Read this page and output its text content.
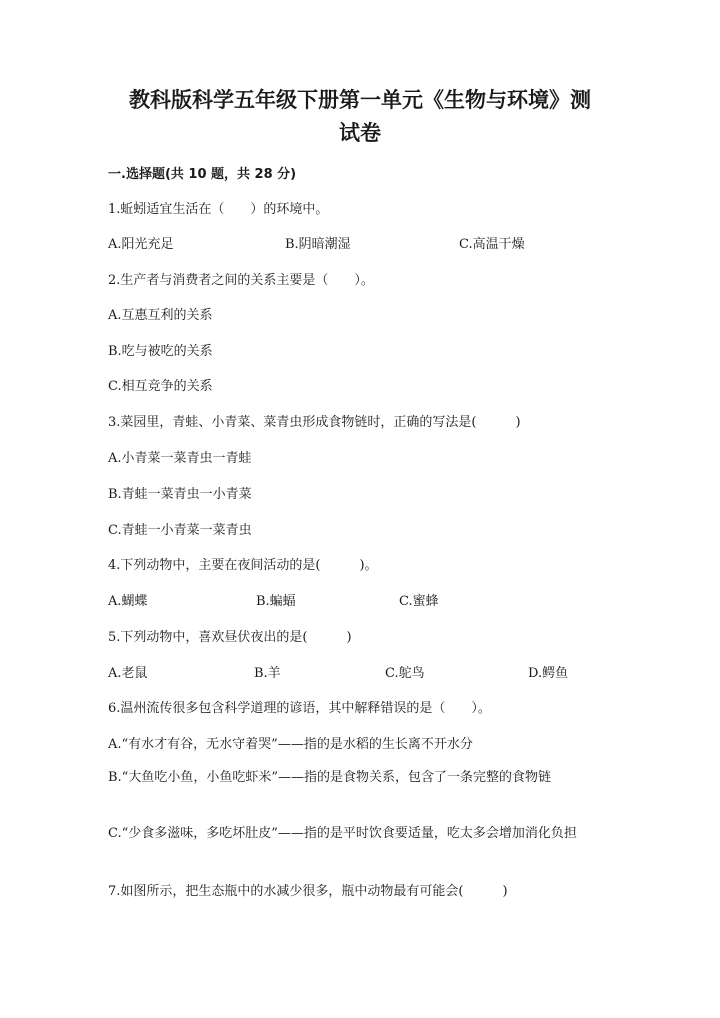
教科版科学五年级下册第一单元《生物与环境》测
试卷
一.选择题(共 10 题，共 28 分)
1.蚯蚓适宜生活在（　　）的环境中。
A.阳光充足	B.阴暗潮湿	C.高温干燥
2.生产者与消费者之间的关系主要是（　　）。
A.互惠互利的关系
B.吃与被吃的关系
C.相互竞争的关系
3.菜园里，青蛙、小青菜、菜青虫形成食物链时，正确的写法是(　　　)
A.小青菜一菜青虫一青蛙
B.青蛙一菜青虫一小青菜
C.青蛙一小青菜一菜青虫
4.下列动物中，主要在夜间活动的是(　　　)。
A.蝴蝶	B.蝙蝠	C.蜜蜂
5.下列动物中，喜欢昼伏夜出的是(　　　)
A.老鼠	B.羊	C.鸵鸟	D.鳄鱼
6.温州流传很多包含科学道理的谚语，其中解释错误的是（　　）。
A.“有水才有谷，无水守着哭”——指的是水稻的生长离不开水分
B.“大鱼吃小鱼，小鱼吃虾米”——指的是食物关系，包含了一条完整的食物链
C.“少食多滋味，多吃坏肚皮”——指的是平时饮食要适量，吃太多会增加消化负担
7.如图所示，把生态瓶中的水减少很多，瓶中动物最有可能会(　　　)
